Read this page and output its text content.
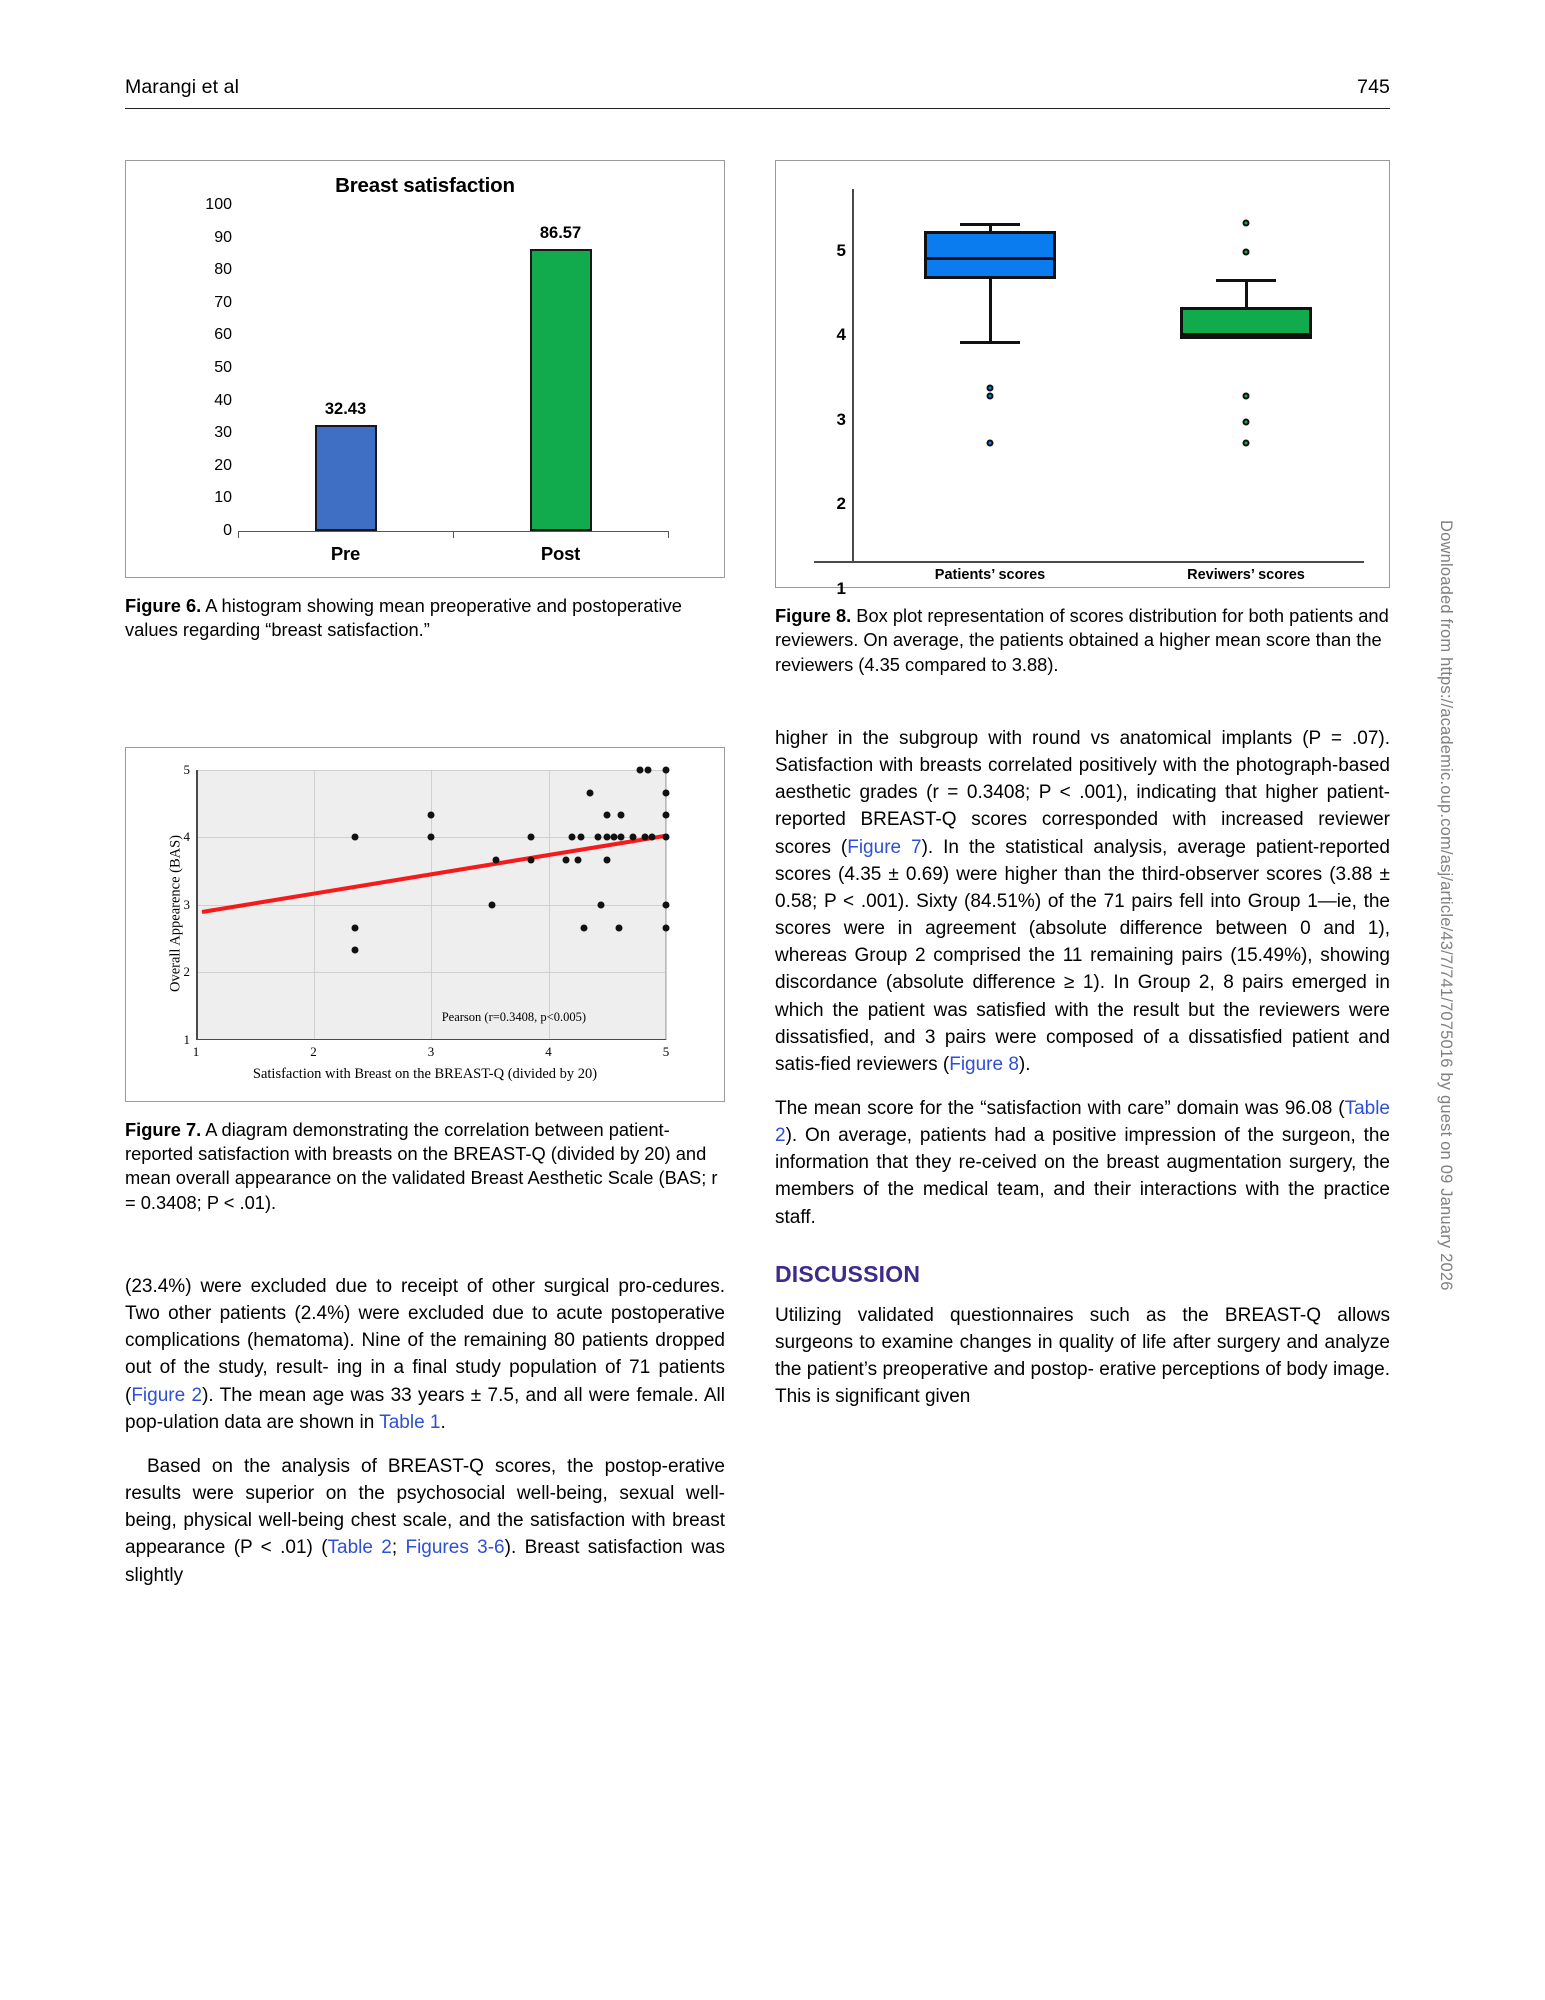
Marangi et al	745
Downloaded from https://academic.oup.com/asj/article/43/7/741/7075016 by guest on 09 January 2026
Breast satisfaction
0
10
20
30
40
50
60
70
80
90
100
32.43
86.57
Pre	Post
Figure 6. A histogram showing mean preoperative and postoperative values regarding “breast satisfaction.”
1
2
3
4
5
Overall Appearence (BAS)
Satisfaction with Breast on the BREAST-Q (divided by 20)
Pearson (r=0.3408, p<0.005)
1	2	3	4	5
Figure 7. A diagram demonstrating the correlation between patient-reported satisfaction with breasts on the BREAST-Q (divided by 20) and mean overall appearance on the validated Breast Aesthetic Scale (BAS; r = 0.3408; P < .01).

(23.4%) were excluded due to receipt of other surgical pro-cedures. Two other patients (2.4%) were excluded due to acute postoperative complications (hematoma). Nine of the remaining 80 patients dropped out of the study, result- ing in a final study population of 71 patients (Figure 2). The mean age was 33 years ± 7.5, and all were female. All pop-ulation data are shown in Table 1.

Based on the analysis of BREAST-Q scores, the postop-erative results were superior on the psychosocial well-being, sexual well-being, physical well-being chest scale, and the satisfaction with breast appearance (P < .01) (Table 2; Figures 3-6). Breast satisfaction was slightly

1
2
3
4
5
Patients’ scores	Reviwers’ scores
Figure 8. Box plot representation of scores distribution for both patients and reviewers. On average, the patients obtained a higher mean score than the reviewers (4.35 compared to 3.88).

higher in the subgroup with round vs anatomical implants (P = .07). Satisfaction with breasts correlated positively with the photograph-based aesthetic grades (r = 0.3408; P < .001), indicating that higher patient-reported BREAST-Q scores corresponded with increased reviewer scores (Figure 7). In the statistical analysis, average patient-reported scores (4.35 ± 0.69) were higher than the third-observer scores (3.88 ± 0.58; P < .001). Sixty (84.51%) of the 71 pairs fell into Group 1—ie, the scores were in agreement (absolute difference between 0 and 1), whereas Group 2 comprised the 11 remaining pairs (15.49%), showing discordance (absolute difference ≥ 1). In Group 2, 8 pairs emerged in which the patient was satisfied with the result but the reviewers were dissatisfied, and 3 pairs were composed of a dissatisfied patient and satis-fied reviewers (Figure 8).

The mean score for the “satisfaction with care” domain was 96.08 (Table 2). On average, patients had a positive impression of the surgeon, the information that they re-ceived on the breast augmentation surgery, the members of the medical team, and their interactions with the practice staff.

DISCUSSION

Utilizing validated questionnaires such as the BREAST-Q allows surgeons to examine changes in quality of life after surgery and analyze the patient’s preoperative and postop- erative perceptions of body image. This is significant given
